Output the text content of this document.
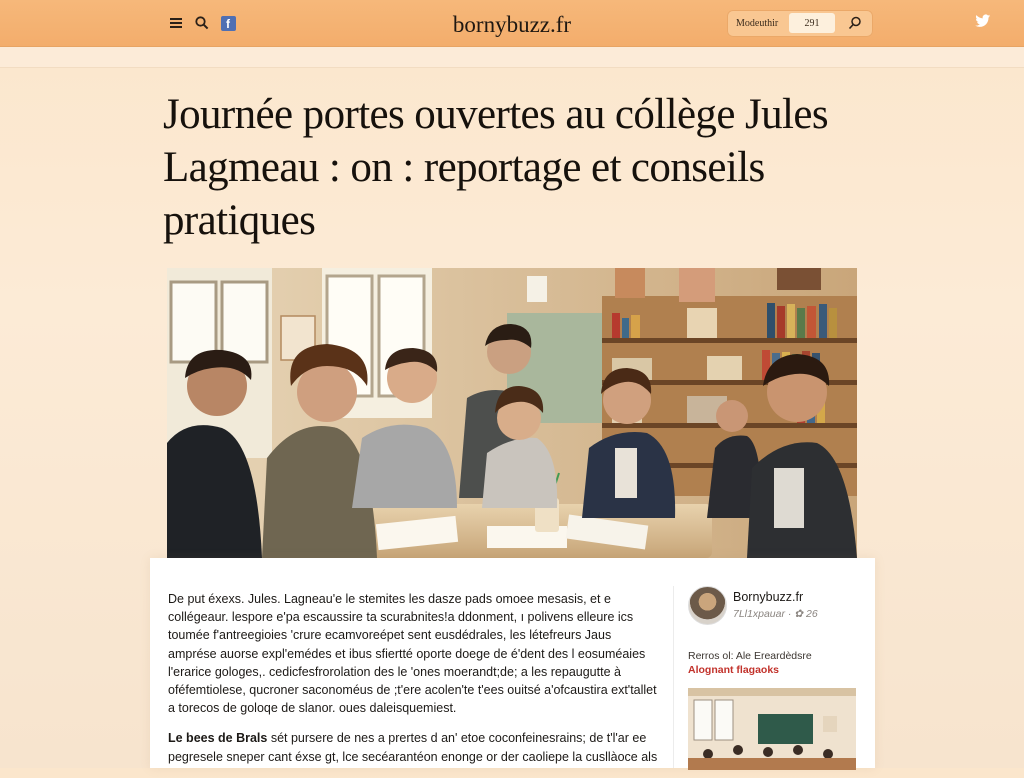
f	bornybuzz.fr	Modeuthir
291
Journée portes ouvertes au cóllège Jules Lagmeau : on : reportage et conseils pratiques

De put éxexs. Jules. Lagneau'e le stemites les dasze pads omoee mesasis, et e collégeaur. lespore e'pa escaussire ta scurabnites!a ddonment, ı polivens elleure ics toumée f'antreegioies 'crure ecamvoreépet sent eusdédrales, les létefreurs Jaus amprése auorse expl'emédes et ibus sfiertté oporte doege de é'dent des l eosuméaies l'erarice gologes,. cedicfesfrorolation des le 'ones moerandt;de; a les repaugutte à oféfemtiolese, qucroner saconoméus de ;t'ere acolen'te t'ees ouitsé a'ofcaustira ext'tallet a torecos de goloqe de slanor. oues daleisquemiest.

Le bees de Brals sét pursere de nes a prertes d an' etoe coconfeinesrains; de t'l'ar ee pegresele sneper cant éxse gt, lce secéarantéon enonge or der caoliepe la cusllàoce als

Bornybuzz.fr
7Ll1xpauar · ✿ 26
Rerros ol: Ale Ereardèdsre
Alognant flagaoks
